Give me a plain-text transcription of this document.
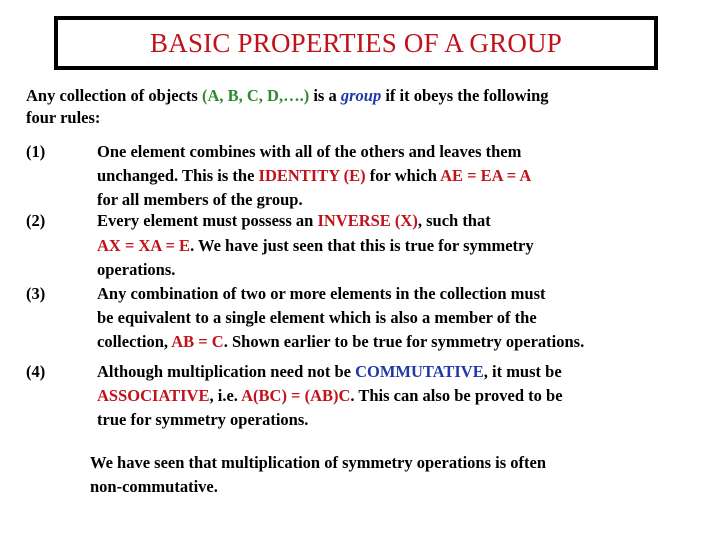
BASIC PROPERTIES OF A GROUP
Any collection of objects (A, B, C, D,….) is a group if it obeys the following
four rules:
(1)	One element combines with all of the others and leaves them
unchanged. This is the IDENTITY (E) for which AE = EA = A
for all members of the group.
(2)	Every element must possess an INVERSE (X), such that
AX = XA = E. We have just seen that this is true for symmetry
operations.
(3)	Any combination of two or more elements in the collection must
be equivalent to a single element which is also a member of the
collection, AB = C. Shown earlier to be true for symmetry operations.
(4)	Although multiplication need not be COMMUTATIVE, it must be
ASSOCIATIVE, i.e. A(BC) = (AB)C. This can also be proved to be
true for symmetry operations.
We have seen that multiplication of symmetry operations is often
non-commutative.
